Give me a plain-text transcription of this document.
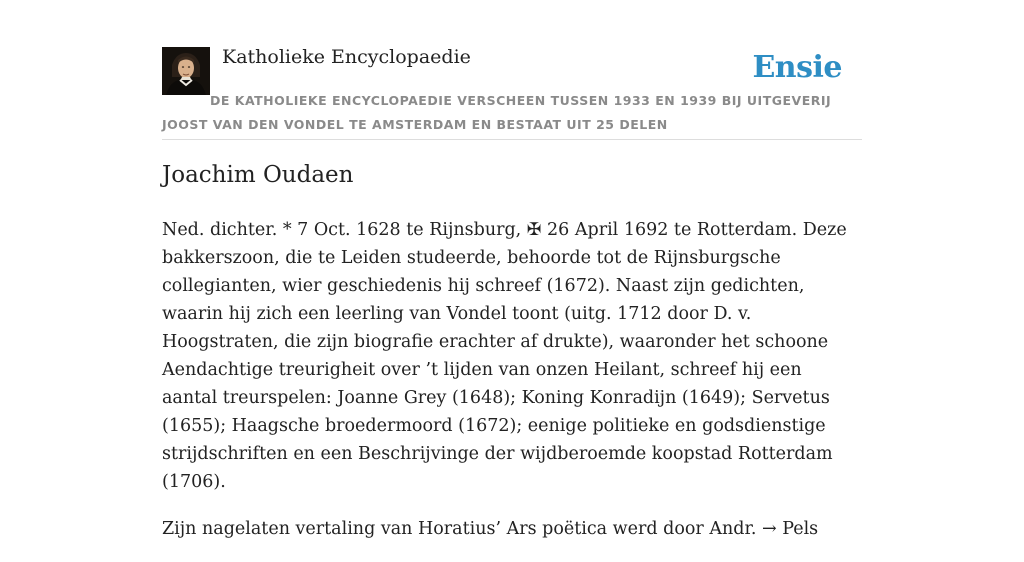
Katholieke Encyclopaedie	Ensie

DE KATHOLIEKE ENCYCLOPAEDIE VERSCHEEN TUSSEN 1933 EN 1939 BIJ UITGEVERIJ JOOST VAN DEN VONDEL TE AMSTERDAM EN BESTAAT UIT 25 DELEN

Joachim Oudaen

Ned. dichter. * 7 Oct. 1628 te Rijnsburg, ✠ 26 April 1692 te Rotterdam. Deze bakkerszoon, die te Leiden studeerde, behoorde tot de Rijnsburgsche collegianten, wier geschiedenis hij schreef (1672). Naast zijn gedichten, waarin hij zich een leerling van Vondel toont (uitg. 1712 door D. v. Hoogstraten, die zijn biografie erachter af drukte), waaronder het schoone Aendachtige treurigheit over ’t lijden van onzen Heilant, schreef hij een aantal treurspelen: Joanne Grey (1648); Koning Konradijn (1649); Servetus (1655); Haagsche broedermoord (1672); eenige politieke en godsdienstige strijdschriften en een Beschrijvinge der wijdberoemde koopstad Rotterdam (1706).

Zijn nagelaten vertaling van Horatius’ Ars poëtica werd door Andr. → Pels
